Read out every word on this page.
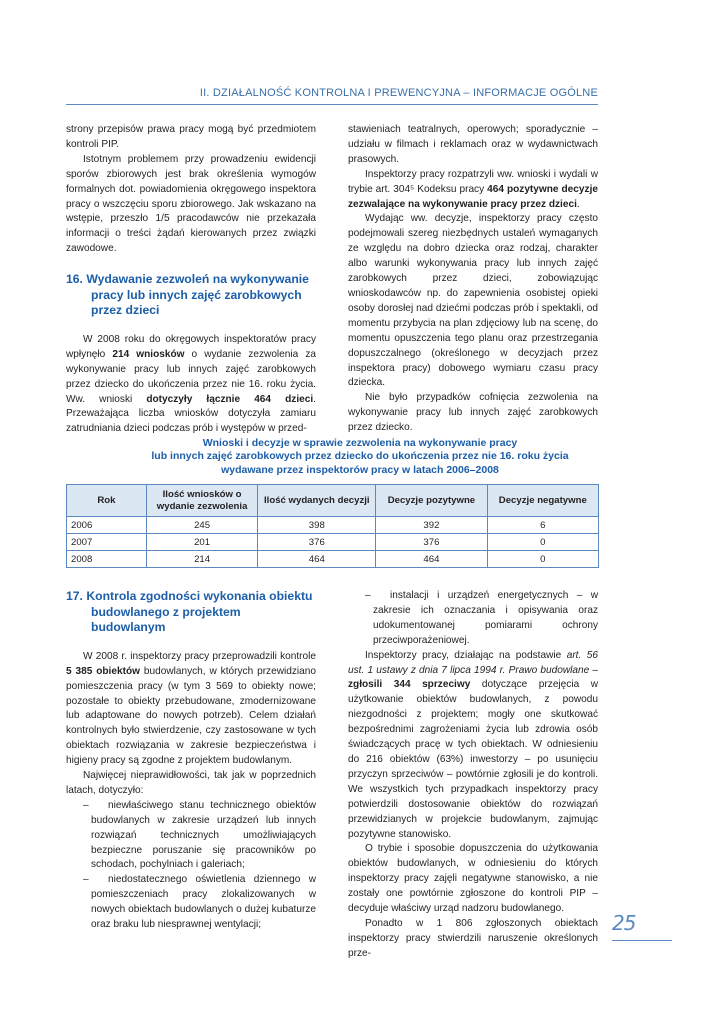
II. DZIAŁALNOŚĆ KONTROLNA I PREWENCYJNA – INFORMACJE OGÓLNE

strony przepisów prawa pracy mogą być przedmiotem kontroli PIP.

Istotnym problemem przy prowadzeniu ewidencji sporów zbiorowych jest brak określenia wymogów formalnych dot. powiadomienia okręgowego inspektora pracy o wszczęciu sporu zbiorowego. Jak wskazano na wstępie, przeszło 1/5 pracodawców nie przekazała informacji o treści żądań kierowanych przez związki zawodowe.

16. Wydawanie zezwoleń na wykonywanie pracy lub innych zajęć zarobkowych przez dzieci

W 2008 roku do okręgowych inspektoratów pracy wpłynęło 214 wniosków o wydanie zezwolenia za wykonywanie pracy lub innych zajęć zarobkowych przez dziecko do ukończenia przez nie 16. roku życia. Ww. wnioski dotyczyły łącznie 464 dzieci. Przeważająca liczba wniosków dotyczyła zamiaru zatrudniania dzieci podczas prób i występów w przed-

stawieniach teatralnych, operowych; sporadycznie – udziału w filmach i reklamach oraz w wydawnictwach prasowych.

Inspektorzy pracy rozpatrzyli ww. wnioski i wydali w trybie art. 304⁵ Kodeksu pracy 464 pozytywne decyzje zezwalające na wykonywanie pracy przez dzieci.

Wydając ww. decyzje, inspektorzy pracy często podejmowali szereg niezbędnych ustaleń wymaganych ze względu na dobro dziecka oraz rodzaj, charakter albo warunki wykonywania pracy lub innych zajęć zarobkowych przez dzieci, zobowiązując wnioskodawców np. do zapewnienia osobistej opieki osoby dorosłej nad dziećmi podczas prób i spektakli, od momentu przybycia na plan zdjęciowy lub na scenę, do momentu opuszczenia tego planu oraz przestrzegania dopuszczalnego (określonego w decyzjach przez inspektora pracy) dobowego wymiaru czasu pracy dziecka.

Nie było przypadków cofnięcia zezwolenia na wykonywanie pracy lub innych zajęć zarobkowych przez dziecko.

Wnioski i decyzje w sprawie zezwolenia na wykonywanie pracy
lub innych zajęć zarobkowych przez dziecko do ukończenia przez nie 16. roku życia
wydawane przez inspektorów pracy w latach 2006–2008
Rok	Ilość wniosków o wydanie zezwolenia	Ilość wydanych decyzji	Decyzje pozytywne	Decyzje negatywne
2006	245	398	392	6
2007	201	376	376	0
2008	214	464	464	0
17. Kontrola zgodności wykonania obiektu budowlanego z projektem budowlanym

W 2008 r. inspektorzy pracy przeprowadzili kontrole 5 385 obiektów budowlanych, w których przewidziano pomieszczenia pracy (w tym 3 569 to obiekty nowe; pozostałe to obiekty przebudowane, zmodernizowane lub adaptowane do nowych potrzeb). Celem działań kontrolnych było stwierdzenie, czy zastosowane w tych obiektach rozwiązania w zakresie bezpieczeństwa i higieny pracy są zgodne z projektem budowlanym.

Najwięcej nieprawidłowości, tak jak w poprzednich latach, dotyczyło:

– niewłaściwego stanu technicznego obiektów budowlanych w zakresie urządzeń lub innych rozwiązań technicznych umożliwiających bezpieczne poruszanie się pracowników po schodach, pochylniach i galeriach;

– niedostatecznego oświetlenia dziennego w pomieszczeniach pracy zlokalizowanych w nowych obiektach budowlanych o dużej kubaturze oraz braku lub niesprawnej wentylacji;

– instalacji i urządzeń energetycznych – w zakresie ich oznaczania i opisywania oraz udokumentowanej pomiarami ochrony przeciwporażeniowej.

Inspektorzy pracy, działając na podstawie art. 56 ust. 1 ustawy z dnia 7 lipca 1994 r. Prawo budowlane – zgłosili 344 sprzeciwy dotyczące przejęcia w użytkowanie obiektów budowlanych, z powodu niezgodności z projektem; mogły one skutkować bezpośrednimi zagrożeniami życia lub zdrowia osób świadczących pracę w tych obiektach. W odniesieniu do 216 obiektów (63%) inwestorzy – po usunięciu przyczyn sprzeciwów – powtórnie zgłosili je do kontroli. We wszystkich tych przypadkach inspektorzy pracy potwierdzili dostosowanie obiektów do rozwiązań przewidzianych w projekcie budowlanym, zajmując pozytywne stanowisko.

O trybie i sposobie dopuszczenia do użytkowania obiektów budowlanych, w odniesieniu do których inspektorzy pracy zajęli negatywne stanowisko, a nie zostały one powtórnie zgłoszone do kontroli PIP – decyduje właściwy urząd nadzoru budowlanego.

Ponadto w 1 806 zgłoszonych obiektach inspektorzy pracy stwierdzili naruszenie określonych prze-

25
